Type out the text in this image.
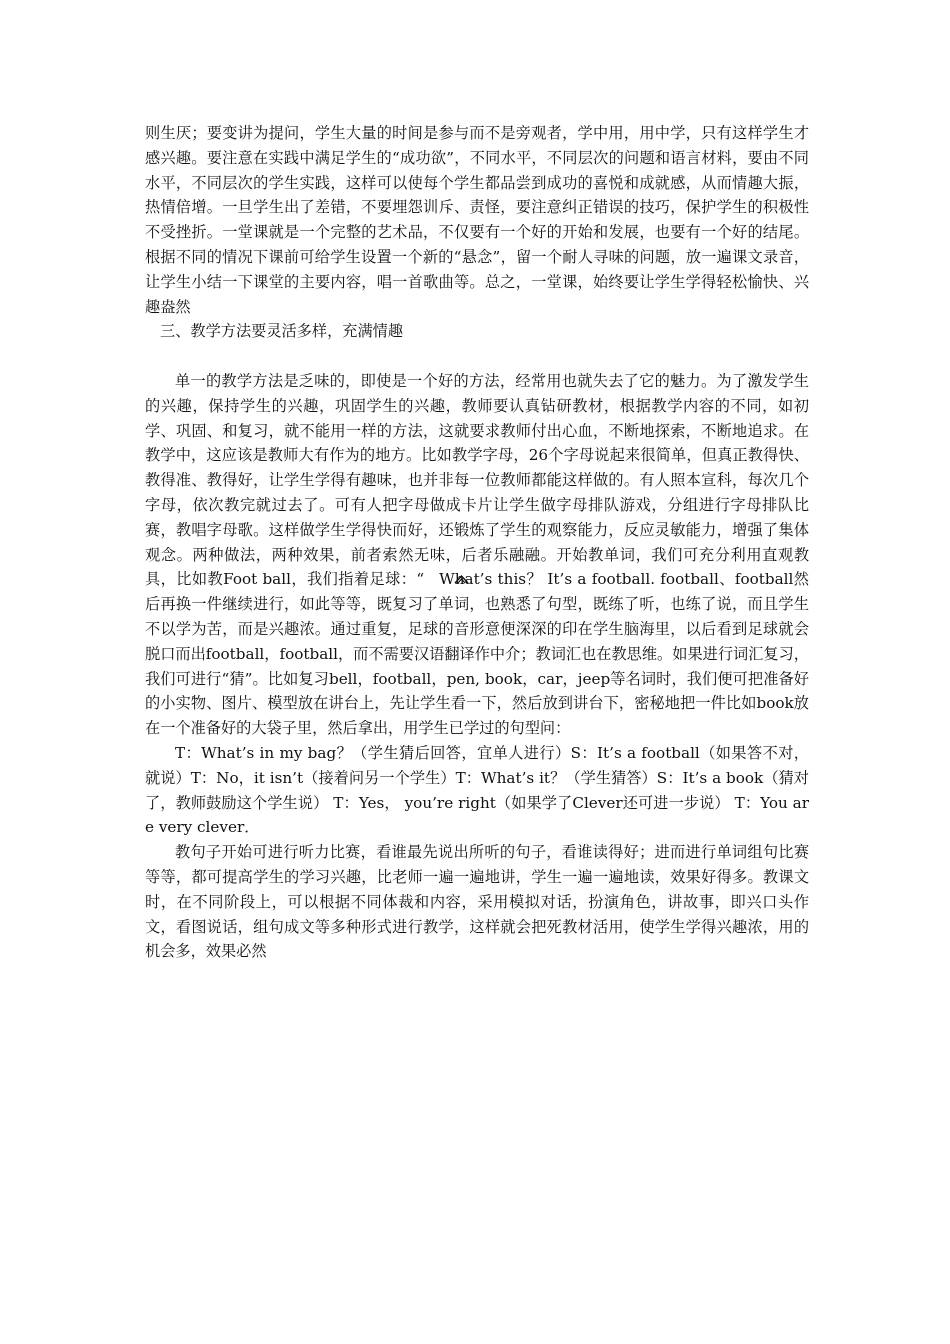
则生厌；要变讲为提问，学生大量的时间是参与而不是旁观者，学中用，用中学，只有这样学生才感兴趣。要注意在实践中满足学生的“成功欲”，不同水平，不同层次的问题和语言材料，要由不同水平，不同层次的学生实践，这样可以使每个学生都品尝到成功的喜悦和成就感，从而情趣大振，热情倍增。一旦学生出了差错，不要埋怨训斥、责怪，要注意纠正错误的技巧，保护学生的积极性不受挫折。一堂课就是一个完整的艺术品，不仅要有一个好的开始和发展，也要有一个好的结尾。根据不同的情况下课前可给学生设置一个新的“悬念”，留一个耐人寻味的问题，放一遍课文录音，让学生小结一下课堂的主要内容，唱一首歌曲等。总之，一堂课，始终要让学生学得轻松愉快、兴趣盎然

三、教学方法要灵活多样，充满情趣

单一的教学方法是乏味的，即使是一个好的方法，经常用也就失去了它的魅力。为了激发学生的兴趣，保持学生的兴趣，巩固学生的兴趣，教师要认真钻研教材，根据教学内容的不同，如初学、巩固、和复习，就不能用一样的方法，这就要求教师付出心血，不断地探索，不断地追求。在教学中，这应该是教师大有作为的地方。比如教学字母，26个字母说起来很简单，但真正教得快、教得准、教得好，让学生学得有趣味，也并非每一位教师都能这样做的。有人照本宣科，每次几个字母，依次教完就过去了。可有人把字母做成卡片让学生做字母排队游戏，分组进行字母排队比赛，教唱字母歌。这样做学生学得快而好，还锻炼了学生的观察能力，反应灵敏能力，增强了集体观念。两种做法，两种效果，前者索然无味，后者乐融融。开始教单词，我们可充分利用直观教具，比如教Foot ball，我们指着足球：“ What’s this？ It’s a football. football、football然后再换一件继续进行，如此等等，既复习了单词，也熟悉了句型，既练了听，也练了说，而且学生不以学为苦，而是兴趣浓。通过重复，足球的音形意便深深的印在学生脑海里，以后看到足球就会脱口而出football，football，而不需要汉语翻译作中介；教词汇也在教思维。如果进行词汇复习，我们可进行“猜”。比如复习bell，football，pen, book，car，jeep等名词时，我们便可把准备好的小实物、图片、模型放在讲台上，先让学生看一下，然后放到讲台下，密秘地把一件比如book放在一个准备好的大袋子里，然后拿出，用学生已学过的句型问：

T：What’s in my bag？（学生猜后回答，宜单人进行）S：It’s a football（如果答不对，就说）T：No，it isn’t（接着问另一个学生）T：What’s it？（学生猜答）S：It’s a book（猜对了，教师鼓励这个学生说） T：Yes， you’re right（如果学了Clever还可进一步说） T：You are very clever．

教句子开始可进行听力比赛，看谁最先说出所听的句子，看谁读得好；进而进行单词组句比赛等等，都可提高学生的学习兴趣，比老师一遍一遍地讲，学生一遍一遍地读，效果好得多。教课文时，在不同阶段上，可以根据不同体裁和内容，采用模拟对话，扮演角色，讲故事，即兴口头作文，看图说话，组句成文等多种形式进行教学，这样就会把死教材活用，使学生学得兴趣浓，用的机会多，效果必然
